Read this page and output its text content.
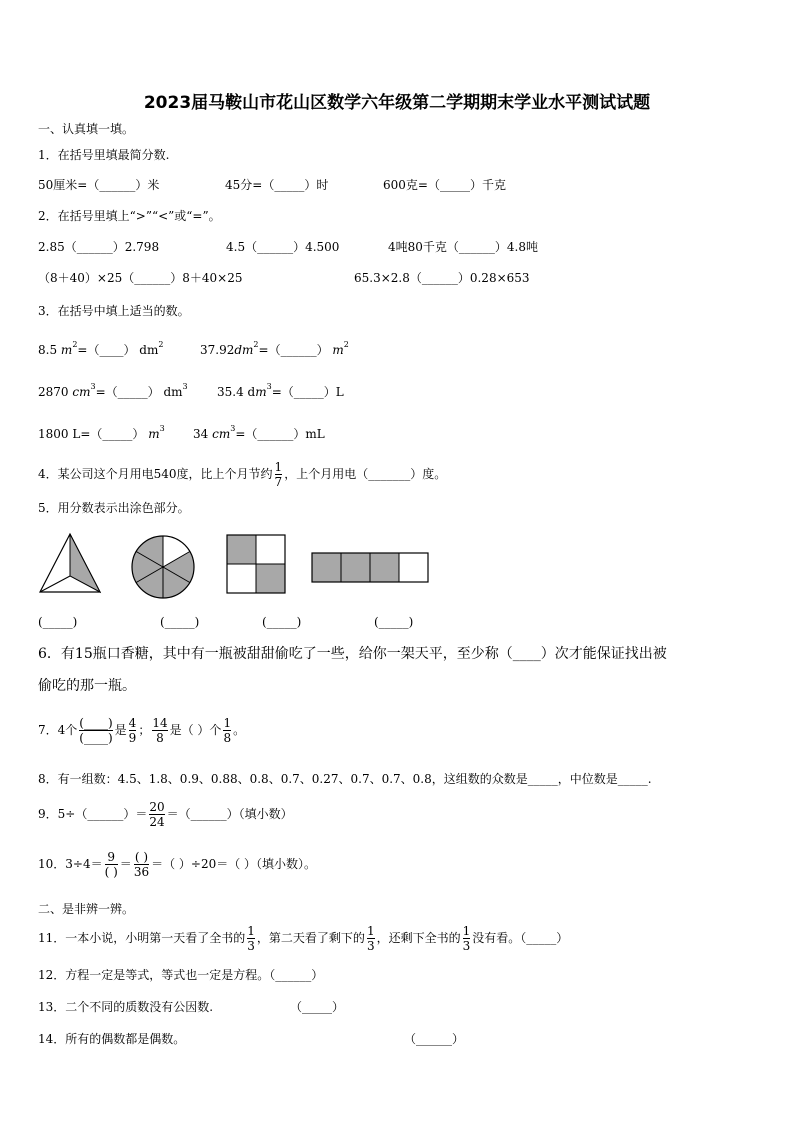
2023届马鞍山市花山区数学六年级第二学期期末学业水平测试试题
一、认真填一填。
1．在括号里填最简分数.
50厘米=（______）米	45分=（_____）时	600克=（_____）千克
2．在括号里填上“>”“<”或“=”。
2.85（______）2.798	4.5（______）4.500	4吨80千克（______）4.8吨
（8＋40）×25（______）8＋40×25	65.3×2.8（______）0.28×653
3．在括号中填上适当的数。
8.5 $m^2=(\_\_\_\_)$ $dm^2$	$37.92dm^2=(\_\_\_\_\_\_)$ $m^2$
2870 $cm^3=(\_\_\_\_\_)$ $dm^3$ 35.4 $dm^3=(\_\_\_\_\_)L$
1800 L=（_____） $m^3$ 34 $cm^3=(\_\_\_\_\_\_)mL$
4．某公司这个月用电540度，比上个月节约 $\frac{1}{7}$ ，上个月用电（_______）度。
5．用分数表示出涂色部分。
(_____)	(_____)	(_____)	(_____)
6．有15瓶口香糖，其中有一瓶被甜甜偷吃了一些，给你一架天平，至少称（____）次才能保证找出被
偷吃的那一瓶。
7．4个 $\frac{(\_\_\_\_)}{(\_\_\_\_)}$ 是 $\frac{4}{9}$ ； $\frac{14}{8}$ 是（ ）个 $\frac{1}{8}$ 。
8．有一组数：4.5、1.8、0.9、0.88、0.8、0.7、0.27、0.7、0.7、0.8，这组数的众数是_____，中位数是_____.
9．5÷（______）＝ $\frac{20}{24}$ ＝（______）（填小数）
10．$3\div 4= \frac{9}{( )} = \frac{( )}{36}$ ＝（ ）÷20＝（ ）（填小数）。
二、是非辨一辨。
11．一本小说，小明第一天看了全书的 $\frac{1}{3}$ ，第二天看了剩下的 $\frac{1}{3}$ ，还剩下全书的 $\frac{1}{3}$ 没有看。（_____）
12．方程一定是等式，等式也一定是方程。（______）
13．二个不同的质数没有公因数.	（_____）
14．所有的偶数都是偶数。	（______）
